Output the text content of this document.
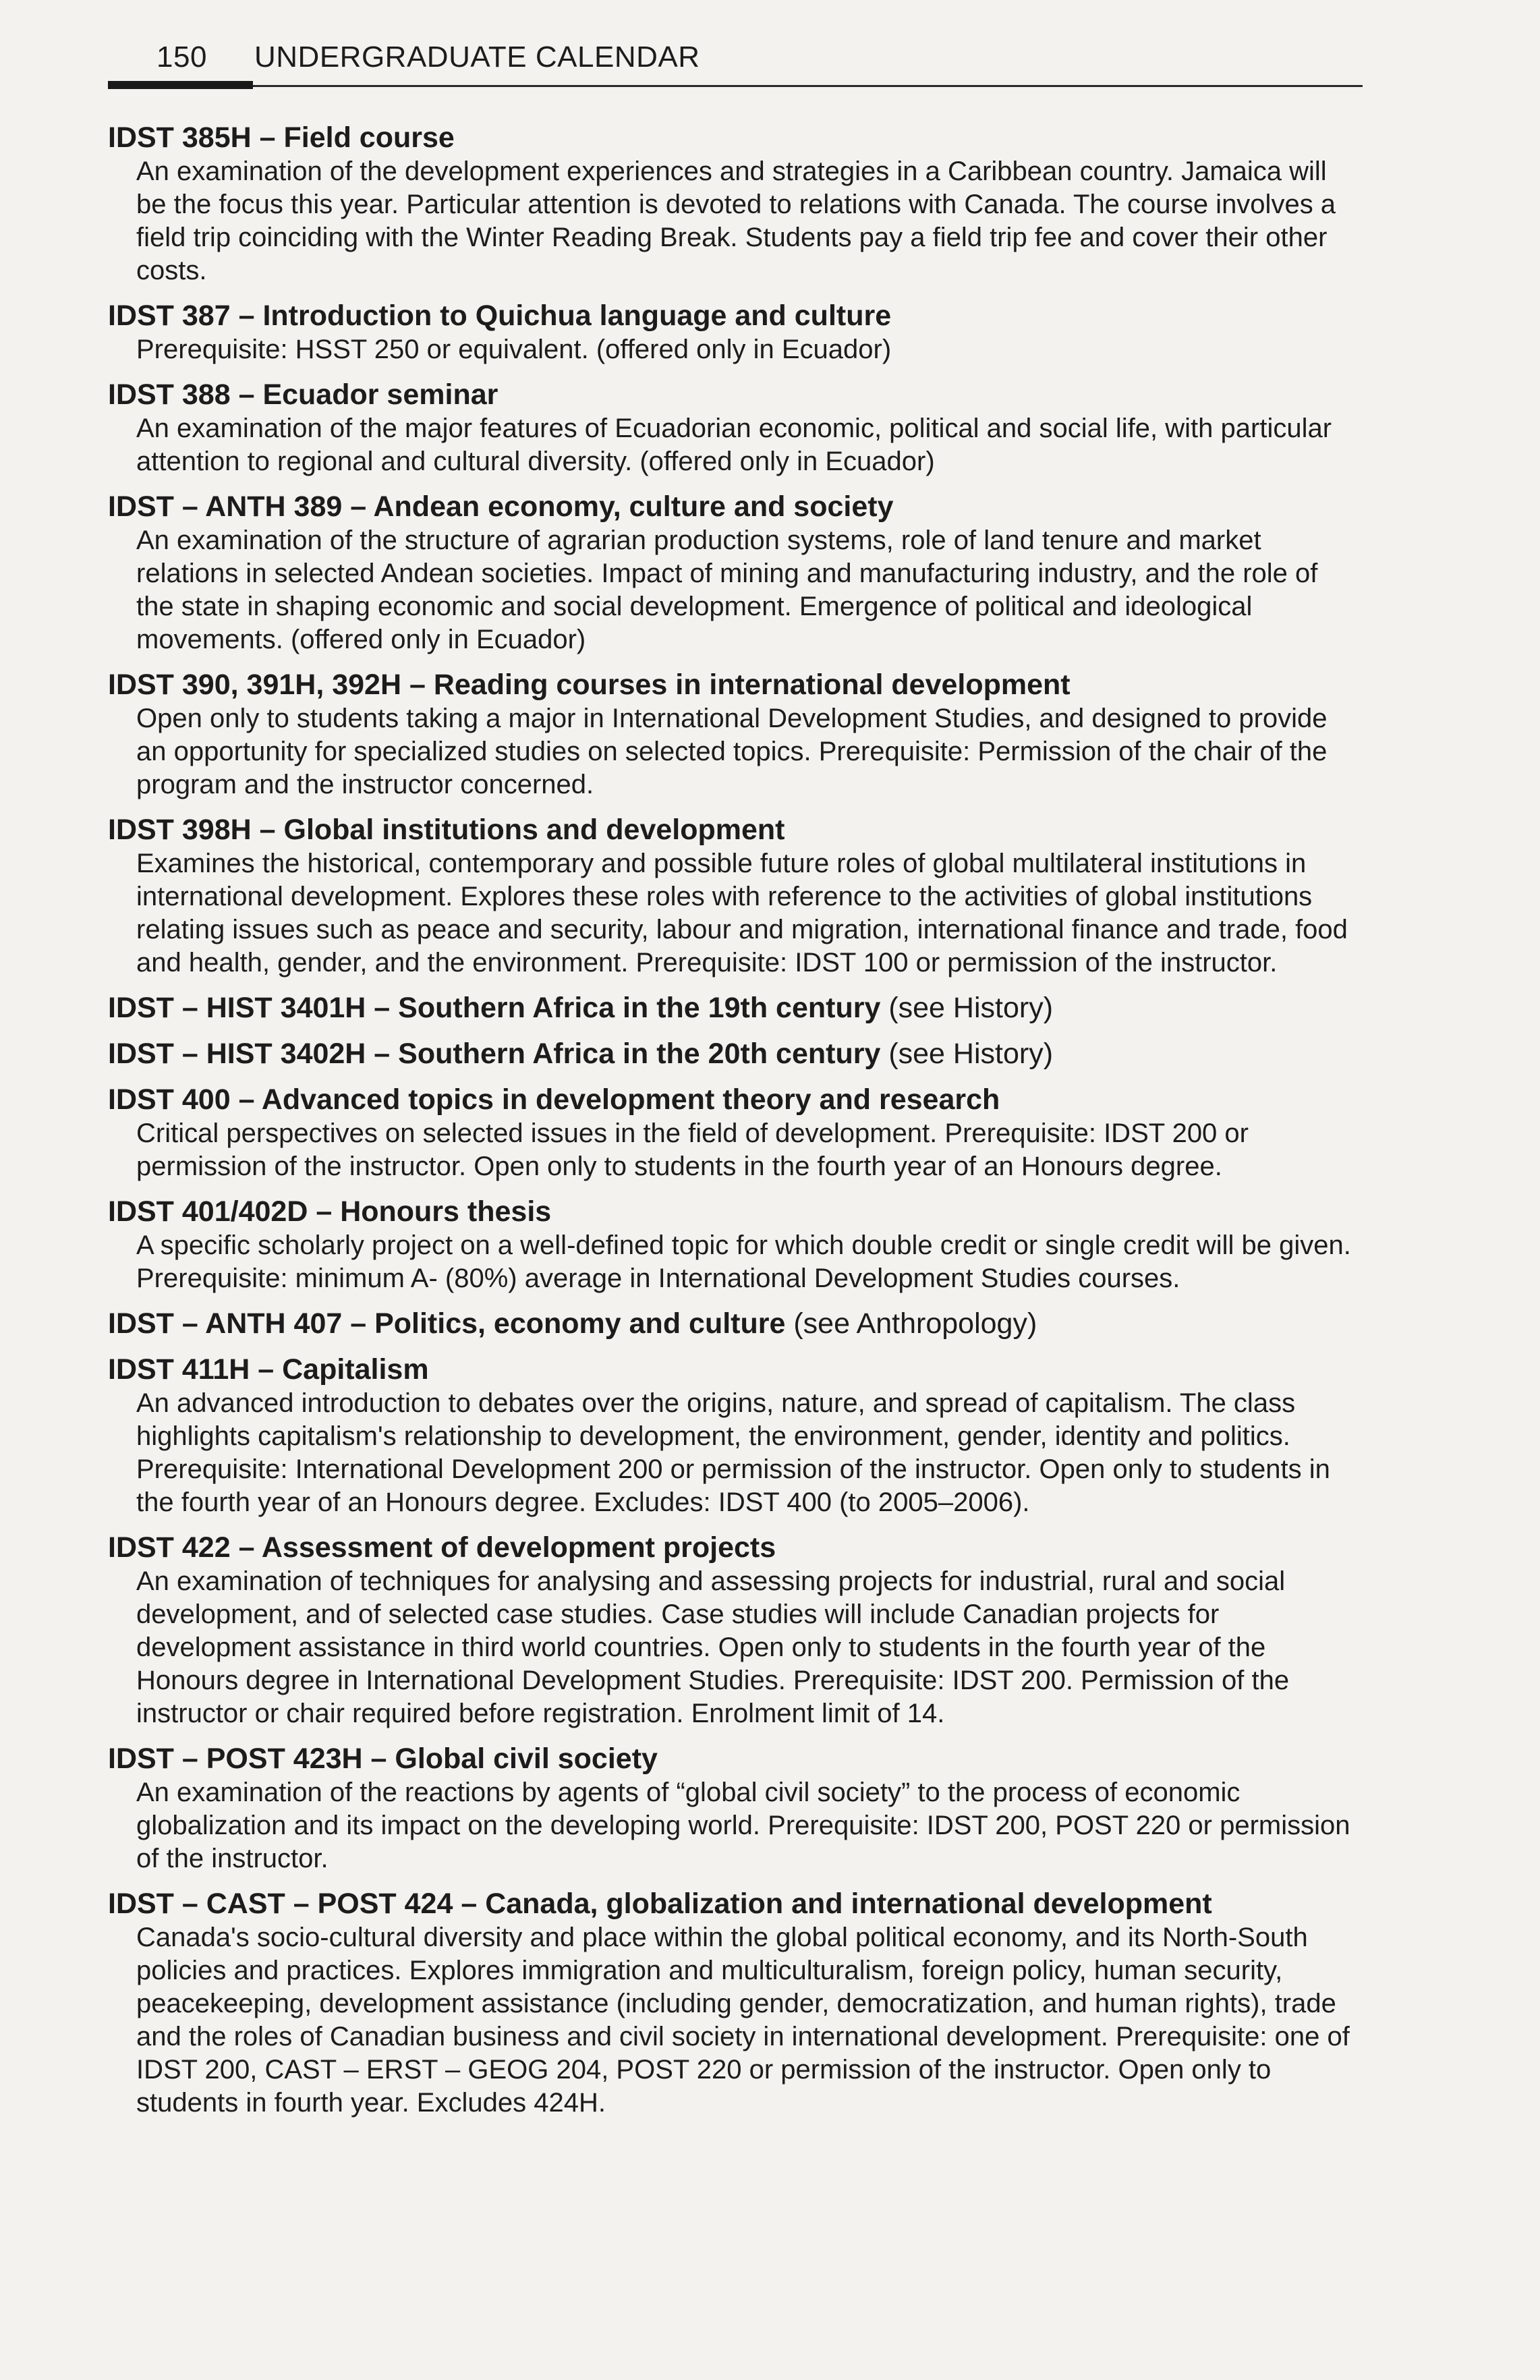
150	UNDERGRADUATE CALENDAR
IDST 385H – Field course
An examination of the development experiences and strategies in a Caribbean country. Jamaica will be the focus this year. Particular attention is devoted to relations with Canada. The course involves a field trip coinciding with the Winter Reading Break. Students pay a field trip fee and cover their other costs.
IDST 387 – Introduction to Quichua language and culture
Prerequisite: HSST 250 or equivalent. (offered only in Ecuador)
IDST 388 – Ecuador seminar
An examination of the major features of Ecuadorian economic, political and social life, with particular attention to regional and cultural diversity. (offered only in Ecuador)
IDST – ANTH 389 – Andean economy, culture and society
An examination of the structure of agrarian production systems, role of land tenure and market relations in selected Andean societies. Impact of mining and manufacturing industry, and the role of the state in shaping economic and social development. Emergence of political and ideological movements. (offered only in Ecuador)
IDST 390, 391H, 392H – Reading courses in international development
Open only to students taking a major in International Development Studies, and designed to provide an opportunity for specialized studies on selected topics. Prerequisite: Permission of the chair of the program and the instructor concerned.
IDST 398H – Global institutions and development
Examines the historical, contemporary and possible future roles of global multilateral institutions in international development. Explores these roles with reference to the activities of global institutions relating issues such as peace and security, labour and migration, international finance and trade, food and health, gender, and the environment. Prerequisite: IDST 100 or permission of the instructor.
IDST – HIST 3401H – Southern Africa in the 19th century (see History)
IDST – HIST 3402H – Southern Africa in the 20th century (see History)
IDST 400 – Advanced topics in development theory and research
Critical perspectives on selected issues in the field of development. Prerequisite: IDST 200 or permission of the instructor. Open only to students in the fourth year of an Honours degree.
IDST 401/402D – Honours thesis
A specific scholarly project on a well-defined topic for which double credit or single credit will be given. Prerequisite: minimum A- (80%) average in International Development Studies courses.
IDST – ANTH 407 – Politics, economy and culture (see Anthropology)
IDST 411H – Capitalism
An advanced introduction to debates over the origins, nature, and spread of capitalism. The class highlights capitalism's relationship to development, the environment, gender, identity and politics. Prerequisite: International Development 200 or permission of the instructor. Open only to students in the fourth year of an Honours degree. Excludes: IDST 400 (to 2005–2006).
IDST 422 – Assessment of development projects
An examination of techniques for analysing and assessing projects for industrial, rural and social development, and of selected case studies. Case studies will include Canadian projects for development assistance in third world countries. Open only to students in the fourth year of the Honours degree in International Development Studies. Prerequisite: IDST 200. Permission of the instructor or chair required before registration. Enrolment limit of 14.
IDST – POST 423H – Global civil society
An examination of the reactions by agents of “global civil society” to the process of economic globalization and its impact on the developing world. Prerequisite: IDST 200, POST 220 or permission of the instructor.
IDST – CAST – POST 424 – Canada, globalization and international development
Canada's socio-cultural diversity and place within the global political economy, and its North-South policies and practices. Explores immigration and multiculturalism, foreign policy, human security, peacekeeping, development assistance (including gender, democratization, and human rights), trade and the roles of Canadian business and civil society in international development. Prerequisite: one of IDST 200, CAST – ERST – GEOG 204, POST 220 or permission of the instructor. Open only to students in fourth year. Excludes 424H.
